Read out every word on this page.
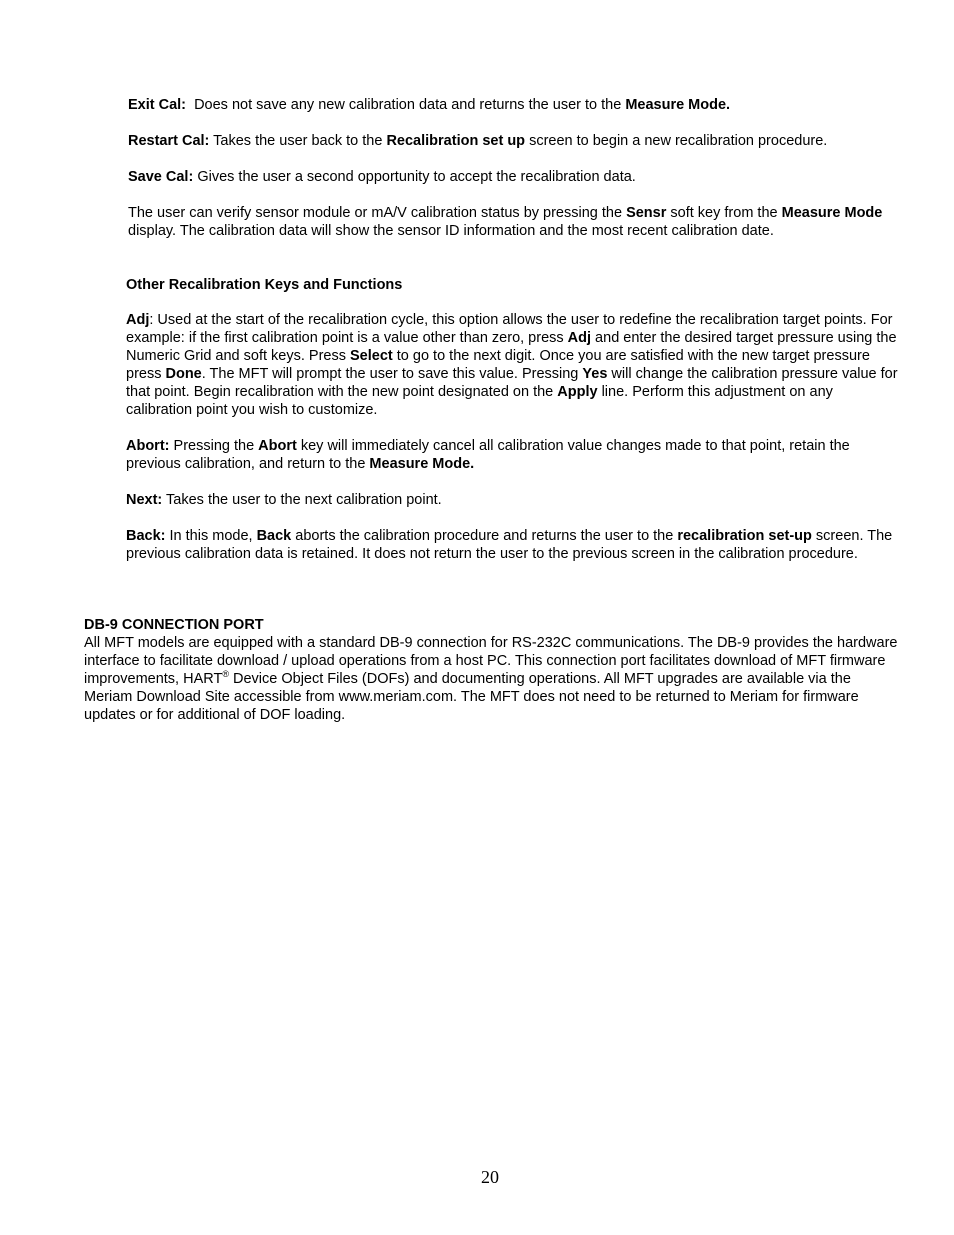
Exit Cal:  Does not save any new calibration data and returns the user to the Measure Mode.

Restart Cal: Takes the user back to the Recalibration set up screen to begin a new recalibration procedure.

Save Cal: Gives the user a second opportunity to accept the recalibration data.

The user can verify sensor module or mA/V calibration status by pressing the Sensr soft key from the Measure Mode display. The calibration data will show the sensor ID information and the most recent calibration date.

Other Recalibration Keys and Functions

Adj: Used at the start of the recalibration cycle, this option allows the user to redefine the recalibration target points. For example: if the first calibration point is a value other than zero, press Adj and enter the desired target pressure using the Numeric Grid and soft keys. Press Select to go to the next digit. Once you are satisfied with the new target pressure press Done. The MFT will prompt the user to save this value. Pressing Yes will change the calibration pressure value for that point. Begin recalibration with the new point designated on the Apply line. Perform this adjustment on any calibration point you wish to customize.

Abort: Pressing the Abort key will immediately cancel all calibration value changes made to that point, retain the previous calibration, and return to the Measure Mode.

Next: Takes the user to the next calibration point.

Back: In this mode, Back aborts the calibration procedure and returns the user to the recalibration set-up screen. The previous calibration data is retained. It does not return the user to the previous screen in the calibration procedure.

DB-9 CONNECTION PORT
All MFT models are equipped with a standard DB-9 connection for RS-232C communications. The DB-9 provides the hardware interface to facilitate download / upload operations from a host PC. This connection port facilitates download of MFT firmware improvements, HART® Device Object Files (DOFs) and documenting operations. All MFT upgrades are available via the Meriam Download Site accessible from www.meriam.com. The MFT does not need to be returned to Meriam for firmware updates or for additional of DOF loading.

20
